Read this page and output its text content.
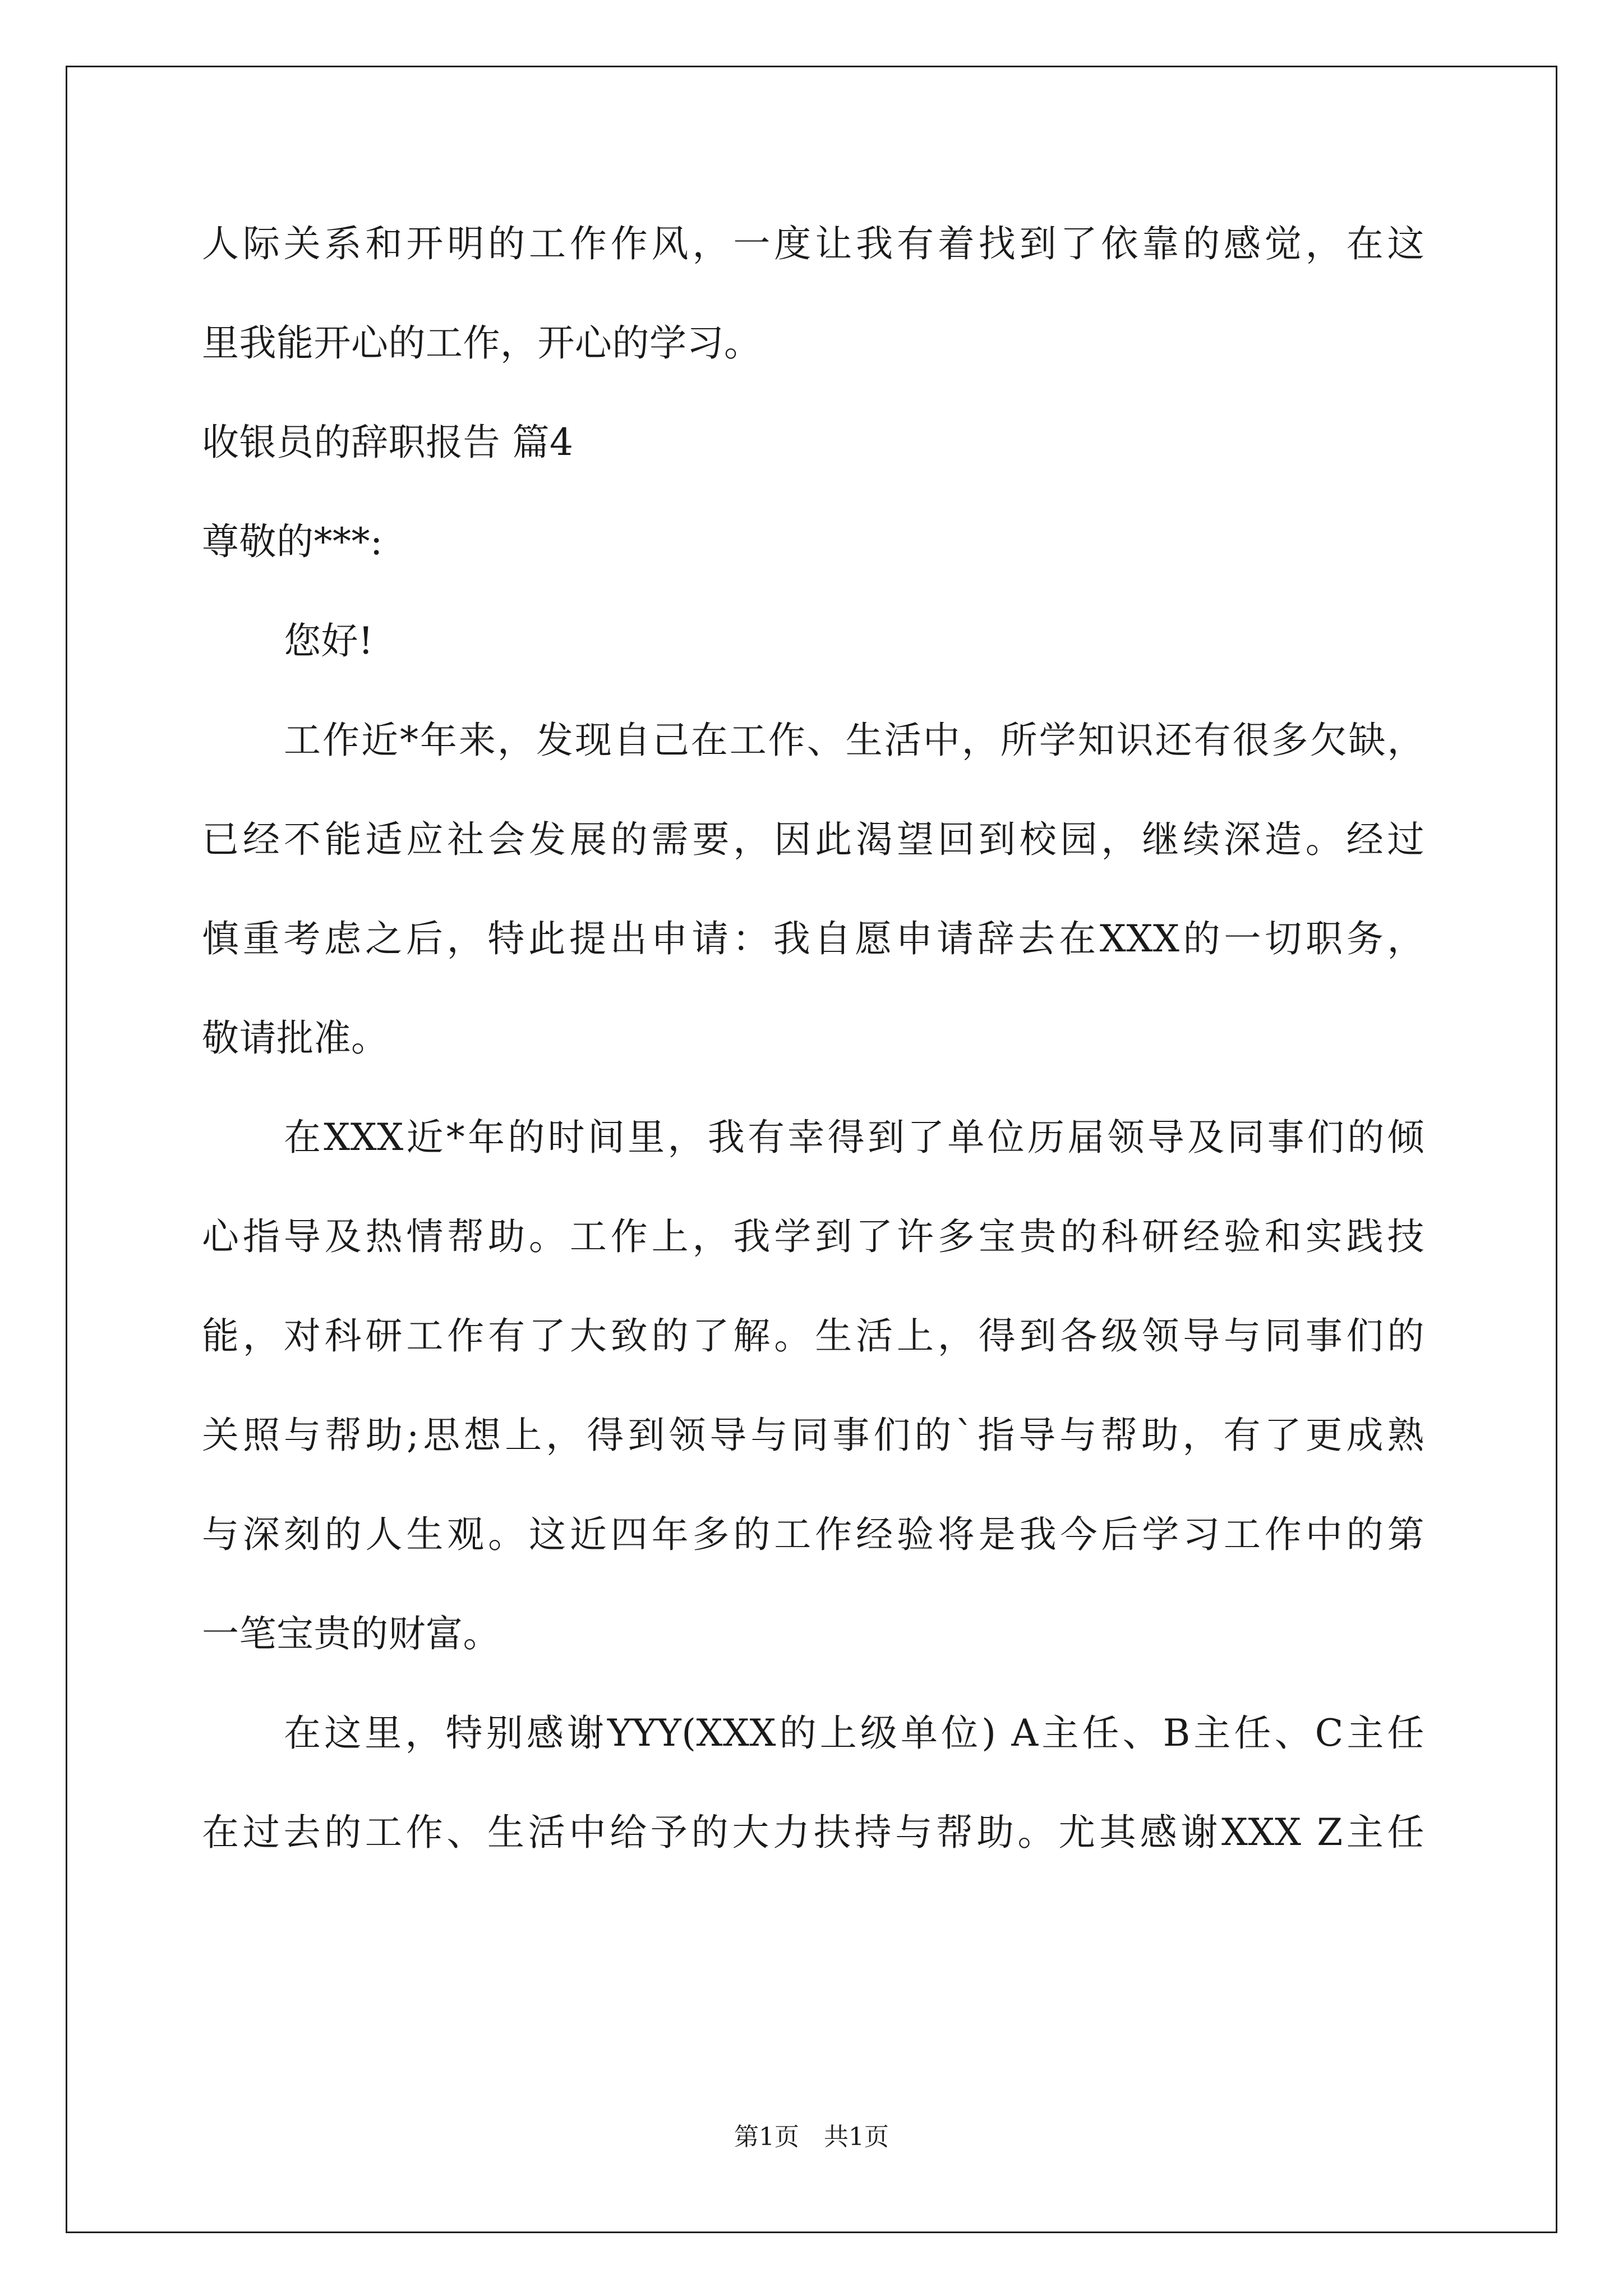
人际关系和开明的工作作风，一度让我有着找到了依靠的感觉，在这
里我能开心的工作，开心的学习。
收银员的辞职报告 篇4
尊敬的***:
您好!
工作近*年来，发现自己在工作、生活中，所学知识还有很多欠缺，
已经不能适应社会发展的需要，因此渴望回到校园，继续深造。经过
慎重考虑之后，特此提出申请：我自愿申请辞去在XXX的一切职务，
敬请批准。
在XXX近*年的时间里，我有幸得到了单位历届领导及同事们的倾
心指导及热情帮助。工作上，我学到了许多宝贵的科研经验和实践技
能，对科研工作有了大致的了解。生活上，得到各级领导与同事们的
关照与帮助;思想上，得到领导与同事们的`指导与帮助，有了更成熟
与深刻的人生观。这近四年多的工作经验将是我今后学习工作中的第
一笔宝贵的财富。
在这里，特别感谢YYY(XXX的上级单位) A主任、B主任、C主任
在过去的工作、生活中给予的大力扶持与帮助。尤其感谢XXX Z主任
第1页　共1页
